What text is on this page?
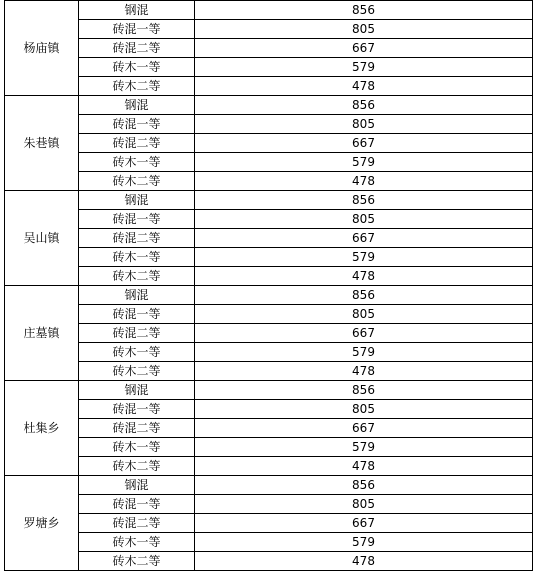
杨庙镇	钢混	856
	砖混一等	805
	砖混二等	667
	砖木一等	579
	砖木二等	478
朱巷镇	钢混	856
	砖混一等	805
	砖混二等	667
	砖木一等	579
	砖木二等	478
吴山镇	钢混	856
	砖混一等	805
	砖混二等	667
	砖木一等	579
	砖木二等	478
庄墓镇	钢混	856
	砖混一等	805
	砖混二等	667
	砖木一等	579
	砖木二等	478
杜集乡	钢混	856
	砖混一等	805
	砖混二等	667
	砖木一等	579
	砖木二等	478
罗塘乡	钢混	856
	砖混一等	805
	砖混二等	667
	砖木一等	579
	砖木二等	478
